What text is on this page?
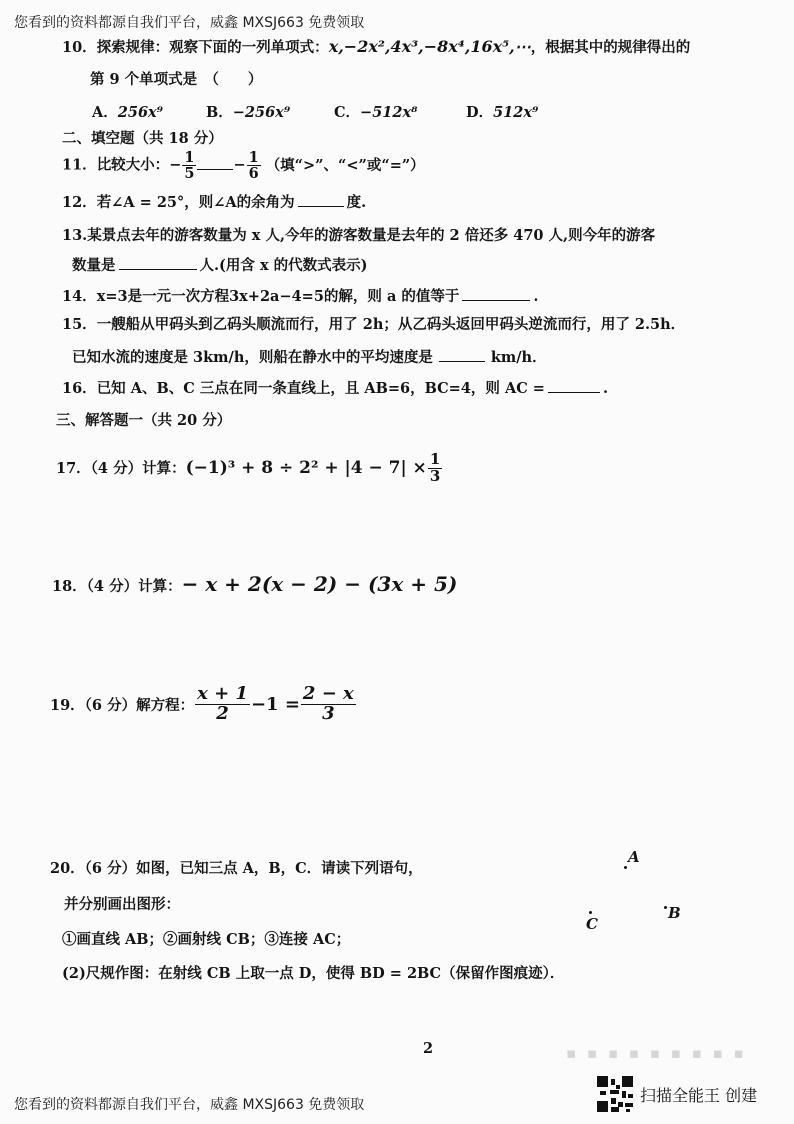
您看到的资料都源自我们平台，威鑫 MXSJ663 免费领取
10．探索规律：观察下面的一列单项式：x,−2x²,4x³,−8x⁴,16x⁵,⋯，根据其中的规律得出的
第 9 个单项式是　（　　）
A．256x⁹	B．−256x⁹	C．−512x⁸	D．512x⁹
二、填空题（共 18 分）
11．比较大小：− $\frac{1}{5}$	− $\frac{1}{6}$ （填“>”、“<”或“=”）
12．若∠A = 25°，则∠A的余角为	度.
13.某景点去年的游客数量为 x 人,今年的游客数量是去年的 2 倍还多 470 人,则今年的游客
数量是	人.(用含 x 的代数式表示)
14．x=3是一元一次方程3x+2a−4=5的解，则 a 的值等于	.
15．一艘船从甲码头到乙码头顺流而行，用了 2h；从乙码头返回甲码头逆流而行，用了 2.5h．
已知水流的速度是 3km/h，则船在静水中的平均速度是	km/h．
16．已知 A、B、C 三点在同一条直线上，且 AB=6，BC=4，则 AC =	.
三、解答题一（共 20 分）
17．（4 分）计算：$(-1)^3 + 8 \div 2^2 + |4 - 7| \times \frac{1}{3}$
18．（4 分）计算：− x + 2(x − 2) − (3x + 5)
19．（6 分）解方程： $\frac{x + 1}{2} -1 = \frac{2 - x}{3}$
20．（6 分）如图，已知三点 A，B，C．请读下列语句，
并分别画出图形：
①画直线 AB；②画射线 CB；③连接 AC；
(2)尺规作图：在射线 CB 上取一点 D，使得 BD = 2BC（保留作图痕迹）．
A
B
C
2	▪ ▪ ▪ ▪ ▪ ▪ ▪ ▪ ▪
您看到的资料都源自我们平台，威鑫 MXSJ663 免费领取	扫描全能王 创建
